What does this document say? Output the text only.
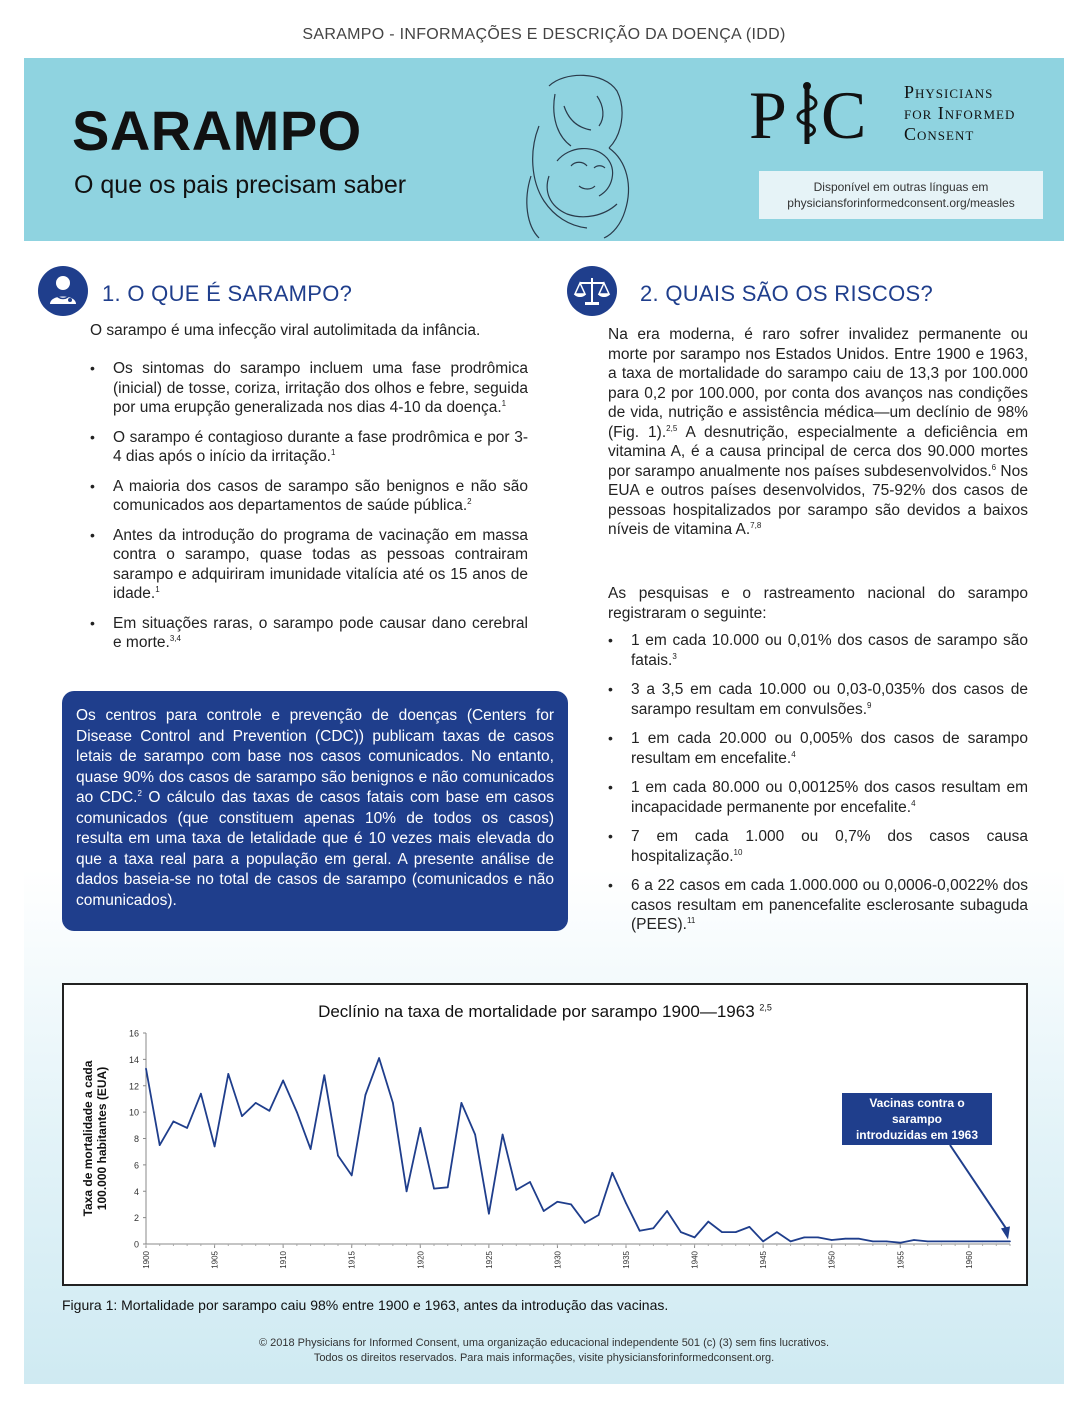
SARAMPO - INFORMAÇÕES E DESCRIÇÃO DA DOENÇA (IDD)
SARAMPO
O que os pais precisam saber
P C Physicians
for Informed
Consent
Disponível em outras línguas em
physiciansforinformedconsent.org/measles
1. O QUE É SARAMPO?
O sarampo é uma infecção viral autolimitada da infância.
• Os sintomas do sarampo incluem uma fase prodrômica (inicial) de tosse, coriza, irritação dos olhos e febre, seguida por uma erupção generalizada nos dias 4-10 da doença.$^1$
• O sarampo é contagioso durante a fase prodrômica e por 3-4 dias após o início da irritação.$^1$
• A maioria dos casos de sarampo são benignos e não são comunicados aos departamentos de saúde pública.$^2$
• Antes da introdução do programa de vacinação em massa contra o sarampo, quase todas as pessoas contrairam sarampo e adquiriram imunidade vitalícia até os 15 anos de idade.$^1$
• Em situações raras, o sarampo pode causar dano cerebral e morte.$^{3,4}$
Os centros para controle e prevenção de doenças (Centers for Disease Control and Prevention (CDC)) publicam taxas de casos letais de sarampo com base nos casos comunicados. No entanto, quase 90% dos casos de sarampo são benignos e não comunicados ao CDC.$^2$ O cálculo das taxas de casos fatais com base em casos comunicados (que constituem apenas 10% de todos os casos) resulta em uma taxa de letalidade que é 10 vezes mais elevada do que a taxa real para a população em geral. A presente análise de dados baseia-se no total de casos de sarampo (comunicados e não comunicados).
2. QUAIS SÃO OS RISCOS?
Na era moderna, é raro sofrer invalidez permanente ou morte por sarampo nos Estados Unidos. Entre 1900 e 1963, a taxa de mortalidade do sarampo caiu de 13,3 por 100.000 para 0,2 por 100.000, por conta dos avanços nas condições de vida, nutrição e assistência médica—um declínio de 98% (Fig. 1).$^{2,5}$ A desnutrição, especialmente a deficiência em vitamina A, é a causa principal de cerca dos 90.000 mortes por sarampo anualmente nos países subdesenvolvidos.$^6$ Nos EUA e outros países desenvolvidos, 75-92% dos casos de pessoas hospitalizados por sarampo são devidos a baixos níveis de vitamina A.$^{7,8}$
As pesquisas e o rastreamento nacional do sarampo registraram o seguinte:
• 1 em cada 10.000 ou 0,01% dos casos de sarampo são fatais.$^3$
• 3 a 3,5 em cada 10.000 ou 0,03-0,035% dos casos de sarampo resultam em convulsões.$^9$
• 1 em cada 20.000 ou 0,005% dos casos de sarampo resultam em encefalite.$^4$
• 1 em cada 80.000 ou 0,00125% dos casos resultam em incapacidade permanente por encefalite.$^4$
• 7 em cada 1.000 ou 0,7% dos casos causa hospitalização.$^{10}$
• 6 a 22 casos em cada 1.000.000 ou 0,0006-0,0022% dos casos resultam em panencefalite esclerosante subaguda (PEES).$^{11}$
Declínio na taxa de mortalidade por sarampo 1900—1963 $^{2,5}$
0
2
4
6
8
10
12
14
16
1900	1905	1910	1915	1920	1925	1930	1935	1940	1945	1950	1955	1960
Taxa de mortalidade a cada 100.000 habitantes (EUA)	Vacinas contra o
sarampo
introduzidas em 1963
Figura 1: Mortalidade por sarampo caiu 98% entre 1900 e 1963, antes da introdução das vacinas.
© 2018 Physicians for Informed Consent, uma organização educacional independente 501 (c) (3) sem fins lucrativos.
Todos os direitos reservados. Para mais informações, visite physiciansforinformedconsent.org.
